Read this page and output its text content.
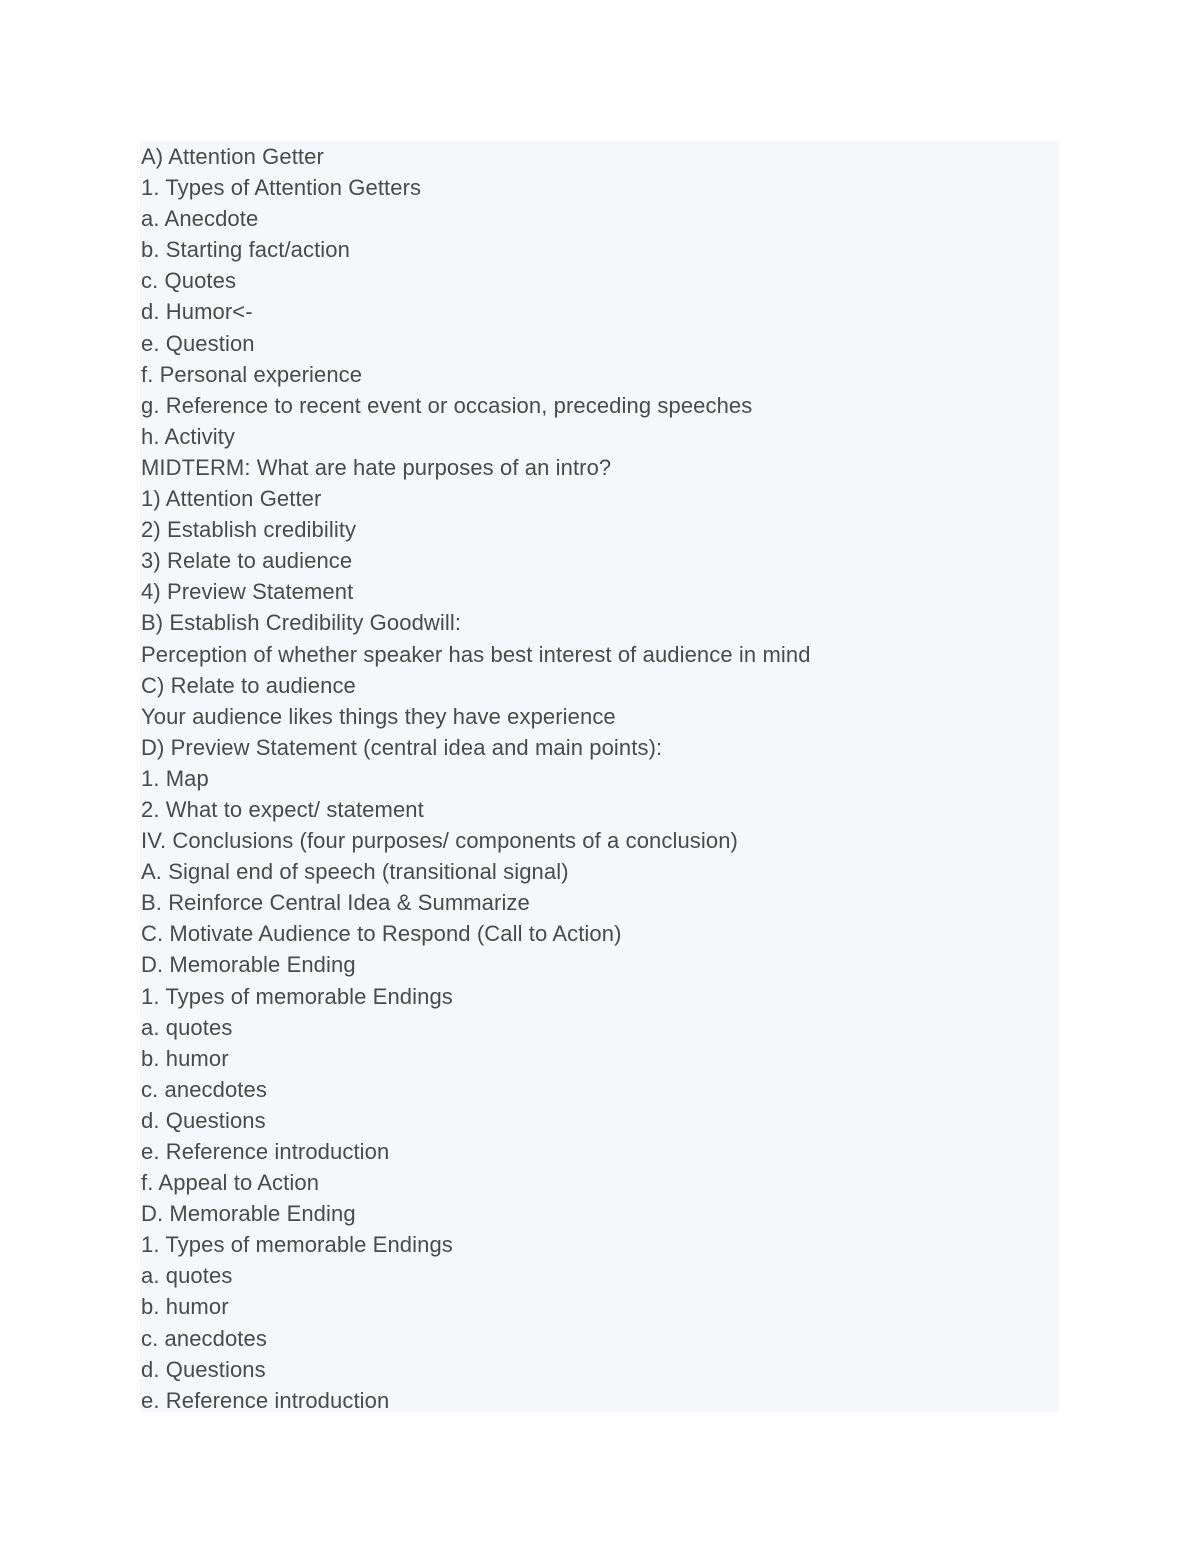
A) Attention Getter
1. Types of Attention Getters
a. Anecdote
b. Starting fact/action
c. Quotes
d. Humor<-
e. Question
f. Personal experience
g. Reference to recent event or occasion, preceding speeches
h. Activity
MIDTERM: What are hate purposes of an intro?
1) Attention Getter
2) Establish credibility
3) Relate to audience
4) Preview Statement
B) Establish Credibility Goodwill:
Perception of whether speaker has best interest of audience in mind
C) Relate to audience
Your audience likes things they have experience
D) Preview Statement (central idea and main points):
1. Map
2. What to expect/ statement
IV. Conclusions (four purposes/ components of a conclusion)
A. Signal end of speech (transitional signal)
B. Reinforce Central Idea & Summarize
C. Motivate Audience to Respond (Call to Action)
D. Memorable Ending
1. Types of memorable Endings
a. quotes
b. humor
c. anecdotes
d. Questions
e. Reference introduction
f. Appeal to Action
D. Memorable Ending
1. Types of memorable Endings
a. quotes
b. humor
c. anecdotes
d. Questions
e. Reference introduction
